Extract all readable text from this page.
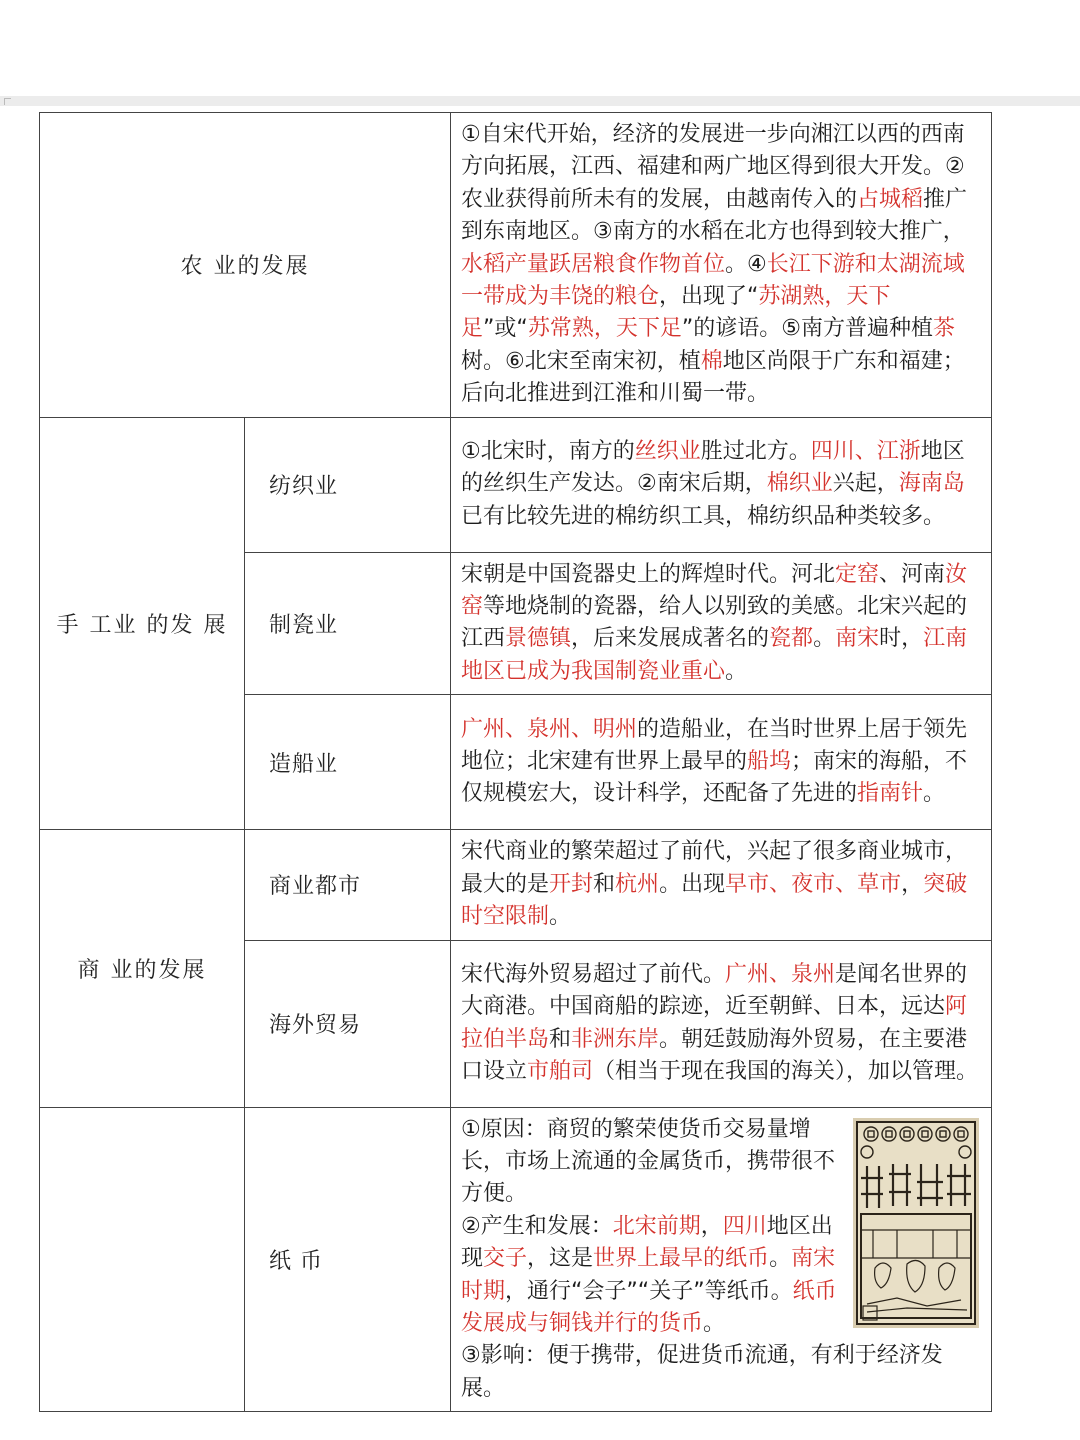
农 业的发展		①自宋代开始，经济的发展进一步向湘江以西的西南方向拓展，江西、福建和两广地区得到很大开发。②农业获得前所未有的发展，由越南传入的占城稻推广到东南地区。③南方的水稻在北方也得到较大推广，水稻产量跃居粮食作物首位。④长江下游和太湖流域一带成为丰饶的粮仓，出现了“苏湖熟，天下足”或“苏常熟，天下足”的谚语。⑤南方普遍种植茶树。⑥北宋至南宋初，植棉地区尚限于广东和福建；后向北推进到江淮和川蜀一带。
手 工业 的发 展	纺织业	①北宋时，南方的丝织业胜过北方。四川、江浙地区的丝织生产发达。②南宋后期，棉织业兴起，海南岛已有比较先进的棉纺织工具，棉纺织品种类较多。
	制瓷业	宋朝是中国瓷器史上的辉煌时代。河北定窑、河南汝窑等地烧制的瓷器，给人以别致的美感。北宋兴起的江西景德镇，后来发展成著名的瓷都。南宋时，江南地区已成为我国制瓷业重心。
	造船业	广州、泉州、明州的造船业，在当时世界上居于领先地位；北宋建有世界上最早的船坞；南宋的海船，不仅规模宏大，设计科学，还配备了先进的指南针。
商 业的发展	商业都市	宋代商业的繁荣超过了前代，兴起了很多商业城市，最大的是开封和杭州。出现早市、夜市、草市，突破时空限制。
	海外贸易	宋代海外贸易超过了前代。广州、泉州是闻名世界的大商港。中国商船的踪迹，近至朝鲜、日本，远达阿拉伯半岛和非洲东岸。朝廷鼓励海外贸易，在主要港口设立市舶司（相当于现在我国的海关），加以管理。
	纸 币	①原因：商贸的繁荣使货币交易量增长，市场上流通的金属货币，携带很不方便。
②产生和发展：北宋前期，四川地区出现交子，这是世界上最早的纸币。南宋时期，通行“会子”“关子”等纸币。纸币发展成与铜钱并行的货币。
③影响：便于携带，促进货币流通，有利于经济发展。
